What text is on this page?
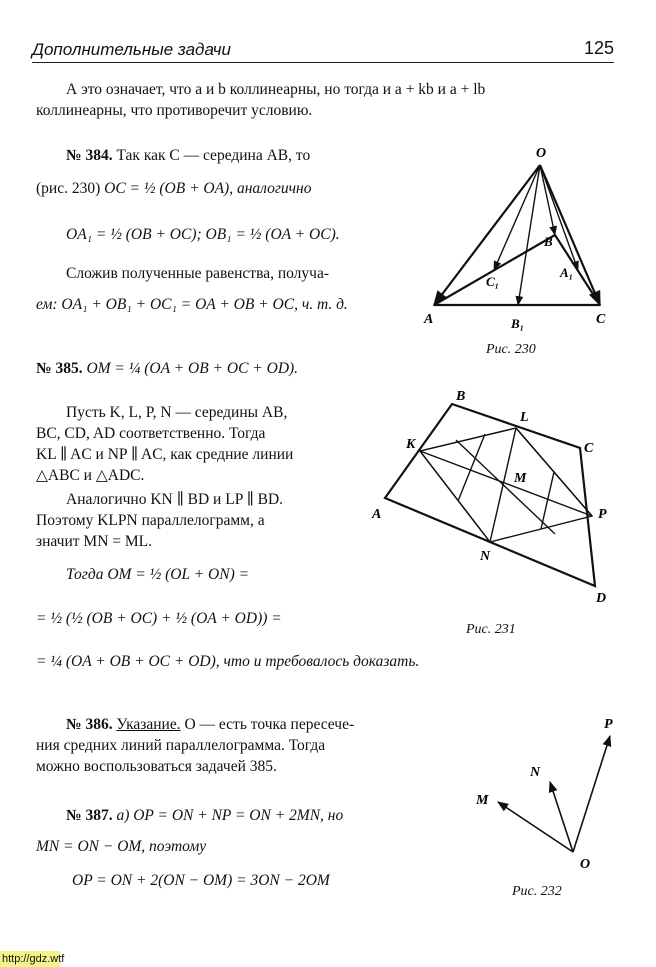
Дополнительные задачи	125
А это означает, что a и b коллинеарны, но тогда и a + kb и a + lb
коллинеарны, что противоречит условию.
№ 384. Так как C — середина AB, то
(рис. 230) OC = ½ (OB + OA), аналогично
OA₁ = ½ (OB + OC); OB₁ = ½ (OA + OC).
Сложив полученные равенства, получа-
ем: OA₁ + OB₁ + OC₁ = OA + OB + OC, ч. т. д.
O
B
C₁
A₁
A	B₁	C
Рис. 230
№ 385. OM = ¼ (OA + OB + OC + OD).
Пусть K, L, P, N — середины AB,
BC, CD, AD соответственно. Тогда
KL ∥ AC и NP ∥ AC, как средние линии
△ABC и △ADC.
Аналогично KN ∥ BD и LP ∥ BD.
Поэтому KLPN параллелограмм, а
значит MN = ML.
Тогда OM = ½ (OL + ON) =
= ½ (½ (OB + OC) + ½ (OA + OD)) =
= ¼ (OA + OB + OC + OD), что и требовалось доказать.
B
L
C
K
M
A	P
N
D
Рис. 231
№ 386. Указание. O — есть точка пересече-
ния средних линий параллелограмма. Тогда
можно воспользоваться задачей 385.
№ 387. а) OP = ON + NP = ON + 2MN, но
MN = ON − OM, поэтому
OP = ON + 2(ON − OM) = 3ON − 2OM
P
N
M
O
Рис. 232
http://gdz.wtf
